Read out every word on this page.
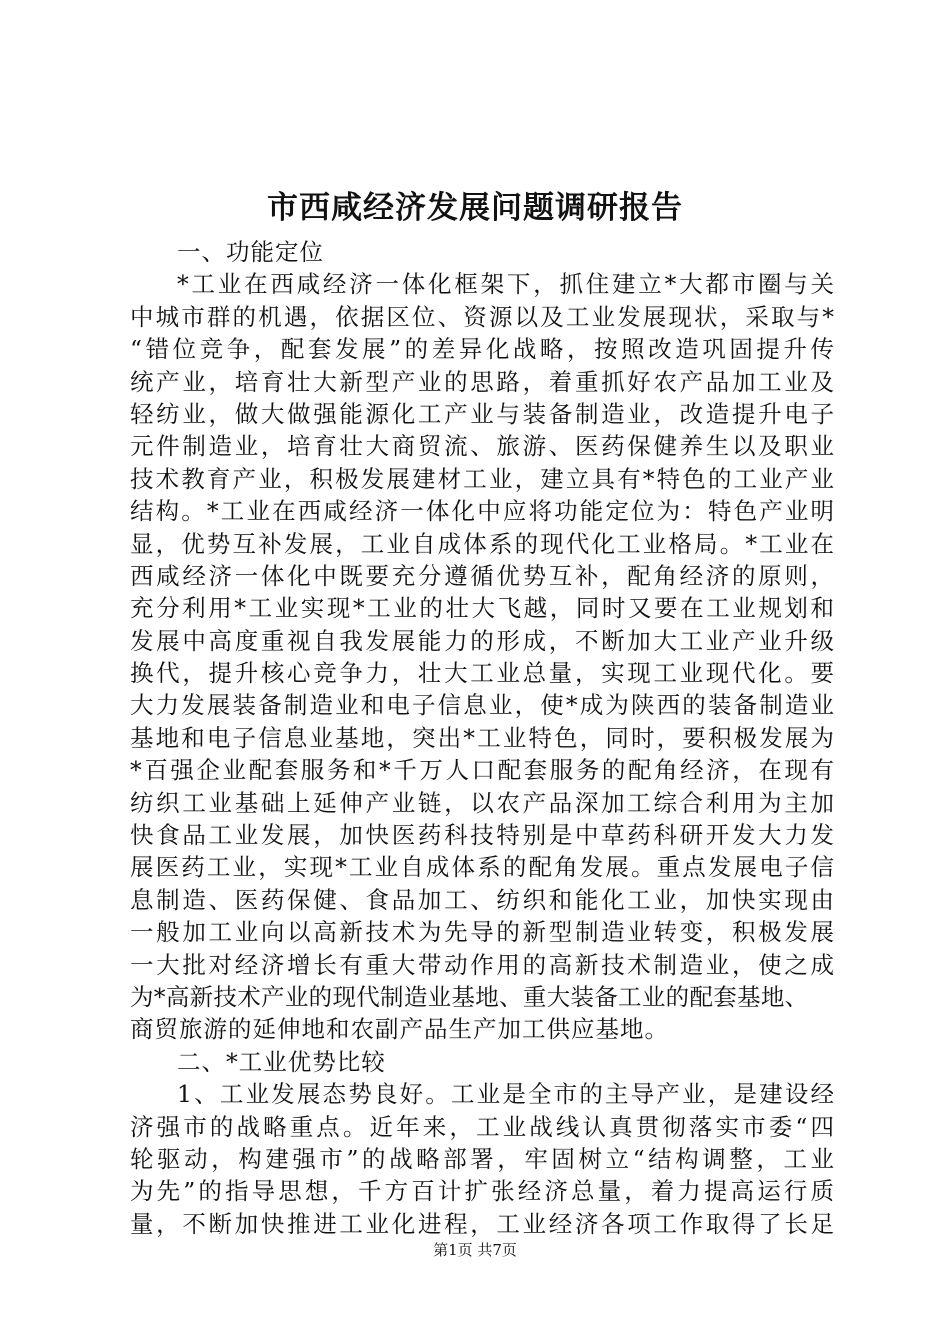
市西咸经济发展问题调研报告
一、功能定位
*工业在西咸经济一体化框架下，抓住建立*大都市圈与关
中城市群的机遇，依据区位、资源以及工业发展现状，采取与*
“错位竞争，配套发展”的差异化战略，按照改造巩固提升传
统产业，培育壮大新型产业的思路，着重抓好农产品加工业及
轻纺业，做大做强能源化工产业与装备制造业，改造提升电子
元件制造业，培育壮大商贸流、旅游、医药保健养生以及职业
技术教育产业，积极发展建材工业，建立具有*特色的工业产业
结构。*工业在西咸经济一体化中应将功能定位为：特色产业明
显，优势互补发展，工业自成体系的现代化工业格局。*工业在
西咸经济一体化中既要充分遵循优势互补，配角经济的原则，
充分利用*工业实现*工业的壮大飞越，同时又要在工业规划和
发展中高度重视自我发展能力的形成，不断加大工业产业升级
换代，提升核心竞争力，壮大工业总量，实现工业现代化。要
大力发展装备制造业和电子信息业，使*成为陕西的装备制造业
基地和电子信息业基地，突出*工业特色，同时，要积极发展为
*百强企业配套服务和*千万人口配套服务的配角经济，在现有
纺织工业基础上延伸产业链，以农产品深加工综合利用为主加
快食品工业发展，加快医药科技特别是中草药科研开发大力发
展医药工业，实现*工业自成体系的配角发展。重点发展电子信
息制造、医药保健、食品加工、纺织和能化工业，加快实现由
一般加工业向以高新技术为先导的新型制造业转变，积极发展
一大批对经济增长有重大带动作用的高新技术制造业，使之成
为*高新技术产业的现代制造业基地、重大装备工业的配套基地、
商贸旅游的延伸地和农副产品生产加工供应基地。
二、*工业优势比较
1、工业发展态势良好。工业是全市的主导产业，是建设经
济强市的战略重点。近年来，工业战线认真贯彻落实市委“四
轮驱动，构建强市”的战略部署，牢固树立“结构调整，工业
为先”的指导思想，千方百计扩张经济总量，着力提高运行质
量，不断加快推进工业化进程，工业经济各项工作取得了长足
第1页 共7页
